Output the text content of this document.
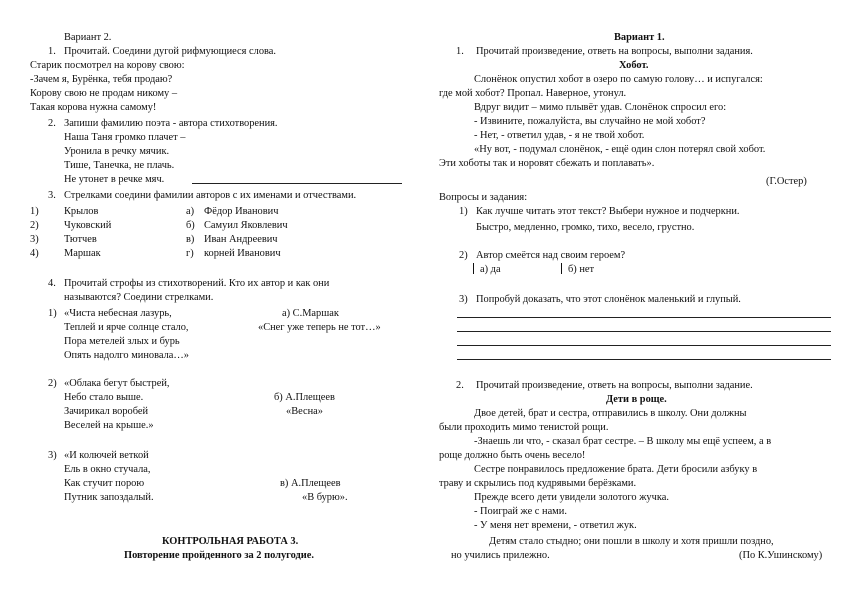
Вариант 2.
1. Прочитай. Соедини дугой рифмующиеся слова.
Старик посмотрел на корову свою:
-Зачем я, Бурёнка, тебя продаю?
Корову свою не продам никому –
Такая корова нужна самому!
2. Запиши фамилию поэта - автора стихотворения.
Наша Таня громко плачет –
Уронила в речку мячик.
Тише, Танечка, не плачь.
Не утонет в речке мяч.
3. Стрелками соедини фамилии авторов с их именами и отчествами.
1) Крылов	а) Фёдор Иванович
2) Чуковский	б) Самуил Яковлевич
3) Тютчев	в) Иван Андреевич
4) Маршак	г) корней Иванович
4. Прочитай строфы из стихотворений. Кто их автор и как они
называются? Соедини стрелками.
1) «Чиста небесная лазурь,
Теплей и ярче солнце стало,
Пора метелей злых и бурь
Опять надолго миновала…»
а) С.Маршак
«Снег уже теперь не тот…»
2) «Облака бегут быстрей,
Небо стало выше.
Зачирикал воробей
Веселей на крыше.»
б) А.Плещеев
«Весна»
3) «И колючей веткой
Ель в окно стучала,
Как стучит порою
Путник запоздалый.
в) А.Плещеев
«В бурю».
КОНТРОЛЬНАЯ РАБОТА 3.
Повторение пройденного за 2 полугодие.
Вариант 1.
1. Прочитай произведение, ответь на вопросы, выполни задания.
Хобот.
Слонёнок опустил хобот в озеро по самую голову… и испугался:
где мой хобот? Пропал. Наверное, утонул.
Вдруг видит – мимо плывёт удав. Слонёнок спросил его:
- Извините, пожалуйста, вы случайно не мой хобот?
- Нет, - ответил удав, - я не твой хобот.
«Ну вот, - подумал слонёнок, - ещё один слон потерял свой хобот.
Эти хоботы так и норовят сбежать и поплавать».
(Г.Остер)
Вопросы и задания:
1) Как лучше читать этот текст? Выбери нужное и подчеркни.
Быстро, медленно, громко, тихо, весело, грустно.
2) Автор смеётся над своим героем?
а) да	б) нет
3) Попробуй доказать, что этот слонёнок маленький и глупый.
2. Прочитай произведение, ответь на вопросы, выполни задание.
Дети в роще.
Двое детей, брат и сестра, отправились в школу. Они должны
были проходить мимо тенистой рощи.
-Знаешь ли что, - сказал брат сестре. – В школу мы ещё успеем, а в
роще должно быть очень весело!
Сестре понравилось предложение брата. Дети бросили азбуку в
траву и скрылись под кудрявыми берёзками.
Прежде всего дети увидели золотого жучка.
- Поиграй же с нами.
- У меня нет времени, - ответил жук.
Детям стало стыдно; они пошли в школу и хотя пришли поздно,
но учились прилежно.	(По К.Ушинскому)
